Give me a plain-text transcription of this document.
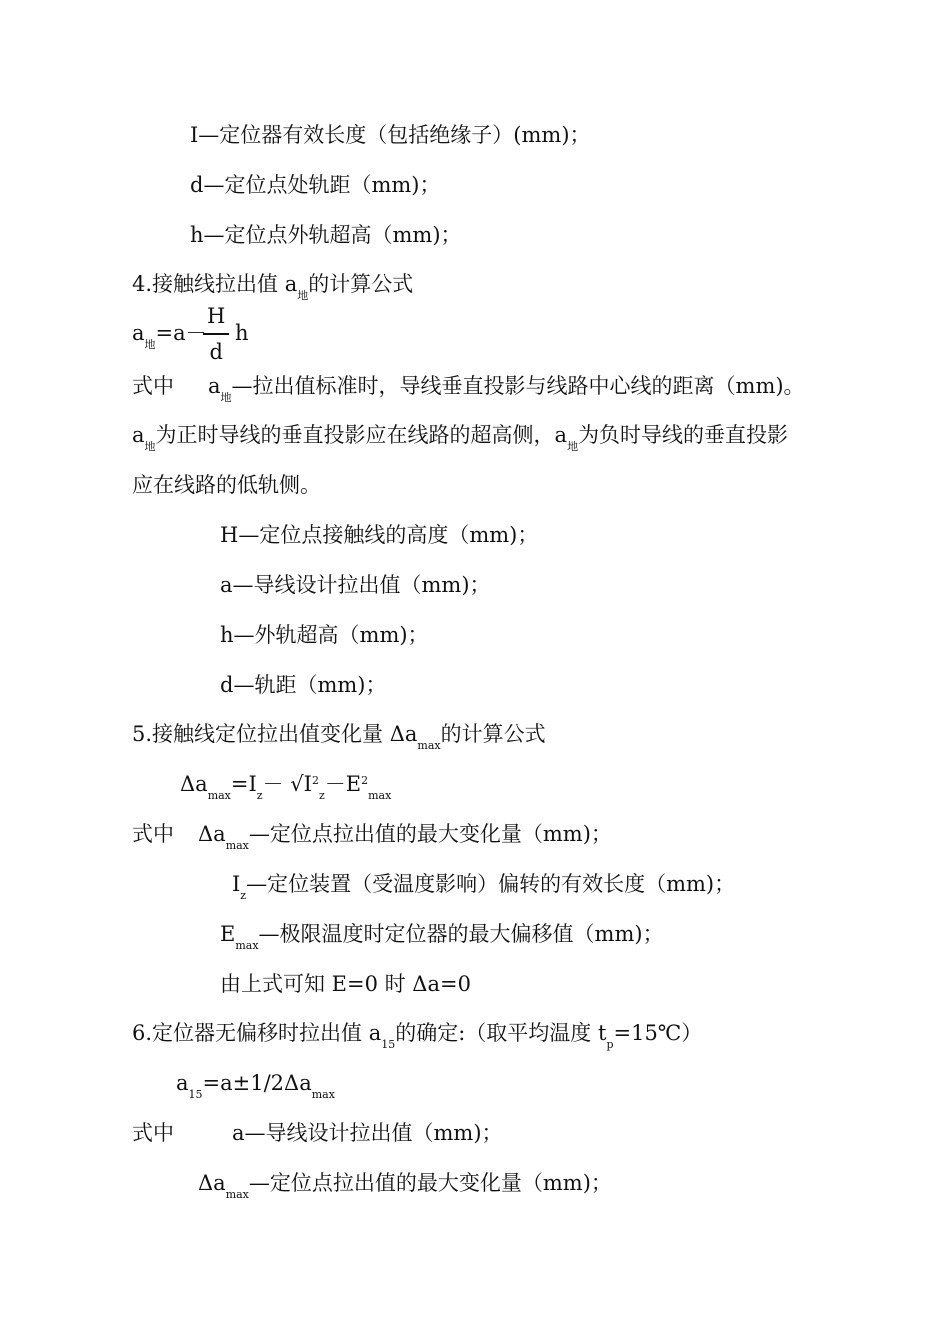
I—定位器有效长度（包括绝缘子）(mm)；
d—定位点处轨距（mm)；
h—定位点外轨超高（mm)；
4.接触线拉出值 $a_地$的计算公式
$a_地=a-$
$\frac{H}{d}$ h
式中 $a_地—$拉出值标准时，导线垂直投影与线路中心线的距离（mm)。
$a_地$为正时导线的垂直投影应在线路的超高侧，$a_地$为负时导线的垂直投影
应在线路的低轨侧。
H—定位点接触线的高度（mm)；
a—导线设计拉出值（mm)；
h—外轨超高（mm)；
d—轨距（mm)；
5.接触线定位拉出值变化量 $\Delta a_{max}$的计算公式
$\Delta a_{max}=I_z- √I^2_z-E^2_{max}$
式中 $\Delta a_{max}—$定位点拉出值的最大变化量（mm)；
$I_z—$定位装置（受温度影响）偏转的有效长度（mm)；
$E_{max}—$极限温度时定位器的最大偏移值（mm)；
由上式可知 E=0 时 Δa=0
6.定位器无偏移时拉出值 $a_{15}$的确定:（取平均温度 $t_p=15℃$）
$a_{15}=a\pm 1/2\Delta a_{max}$
式中	a—导线设计拉出值（mm)；
$\Delta a_{max}—$定位点拉出值的最大变化量（mm)；
